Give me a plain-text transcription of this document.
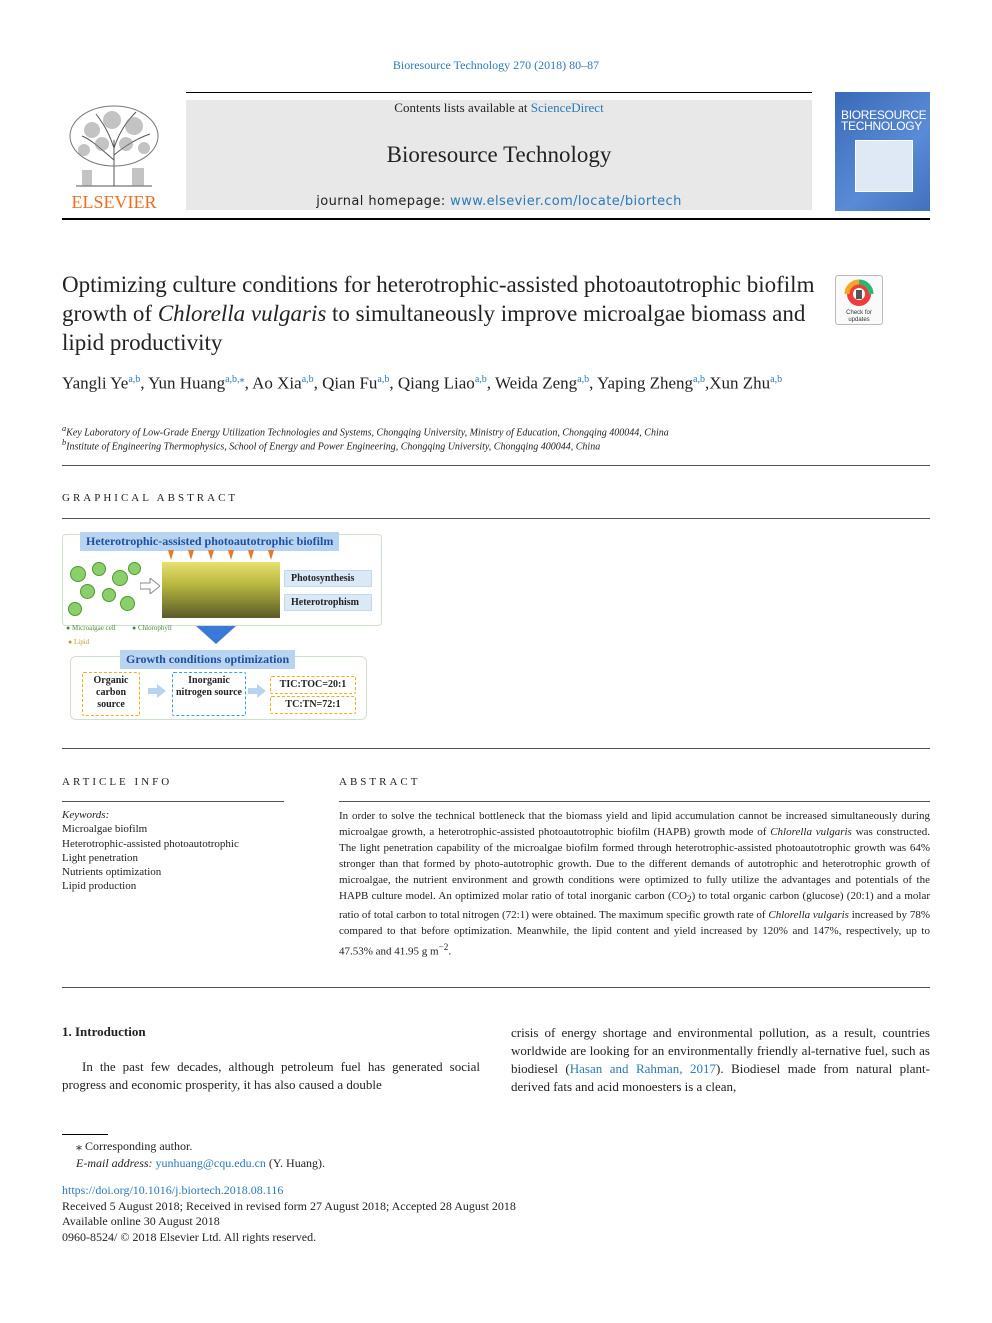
Bioresource Technology 270 (2018) 80–87
ELSEVIER
Contents lists available at ScienceDirect
Bioresource Technology
journal homepage: www.elsevier.com/locate/biortech
BIORESOURCE TECHNOLOGY
Optimizing culture conditions for heterotrophic-assisted photoautotrophic biofilm growth of Chlorella vulgaris to simultaneously improve microalgae biomass and lipid productivity
Check for
updates
Yangli Ye$^{a,b}$, Yun Huang$^{a,b,⁎}$, Ao Xia$^{a,b}$, Qian Fu$^{a,b}$, Qiang Liao$^{a,b}$, Weida Zeng$^{a,b}$, Yaping Zheng$^{a,b}$,Xun Zhu$^{a,b}$
$^a$Key Laboratory of Low-Grade Energy Utilization Technologies and Systems, Chongqing University, Ministry of Education, Chongqing 400044, China
$^b$Institute of Engineering Thermophysics, School of Energy and Power Engineering, Chongqing University, Chongqing 400044, China
GRAPHICAL ABSTRACT
Heterotrophic-assisted photoautotrophic biofilm
Photosynthesis
Heterotrophism
● Microalgae cell ● Chlorophyll
● Lipid
Growth conditions optimization
Organic carbon source
Inorganic nitrogen source
TIC:TOC=20:1
TC:TN=72:1
ARTICLE INFO	ABSTRACT
Keywords:
Microalgae biofilm
Heterotrophic-assisted photoautotrophic
Light penetration
Nutrients optimization
Lipid production
In order to solve the technical bottleneck that the biomass yield and lipid accumulation cannot be increased simultaneously during microalgae growth, a heterotrophic-assisted photoautotrophic biofilm (HAPB) growth mode of Chlorella vulgaris was constructed. The light penetration capability of the microalgae biofilm formed through heterotrophic-assisted photoautotrophic growth was 64% stronger than that formed by photo-autotrophic growth. Due to the different demands of autotrophic and heterotrophic growth of microalgae, the nutrient environment and growth conditions were optimized to fully utilize the advantages and potentials of the HAPB culture model. An optimized molar ratio of total inorganic carbon $(CO_2)$ to total organic carbon (glucose) (20:1) and a molar ratio of total carbon to total nitrogen (72:1) were obtained. The maximum specific growth rate of Chlorella vulgaris increased by 78% compared to that before optimization. Meanwhile, the lipid content and yield increased by 120% and 147%, respectively, up to 47.53% and 41.95 g $m^{-2}$.
1. Introduction
In the past few decades, although petroleum fuel has generated social progress and economic prosperity, it has also caused a double
crisis of energy shortage and environmental pollution, as a result, countries worldwide are looking for an environmentally friendly al-ternative fuel, such as biodiesel (Hasan and Rahman, 2017). Biodiesel made from natural plant-derived fats and acid monoesters is a clean,
⁎ Corresponding author.
E-mail address: yunhuang@cqu.edu.cn (Y. Huang).
https://doi.org/10.1016/j.biortech.2018.08.116
Received 5 August 2018; Received in revised form 27 August 2018; Accepted 28 August 2018
Available online 30 August 2018
0960-8524/ © 2018 Elsevier Ltd. All rights reserved.
